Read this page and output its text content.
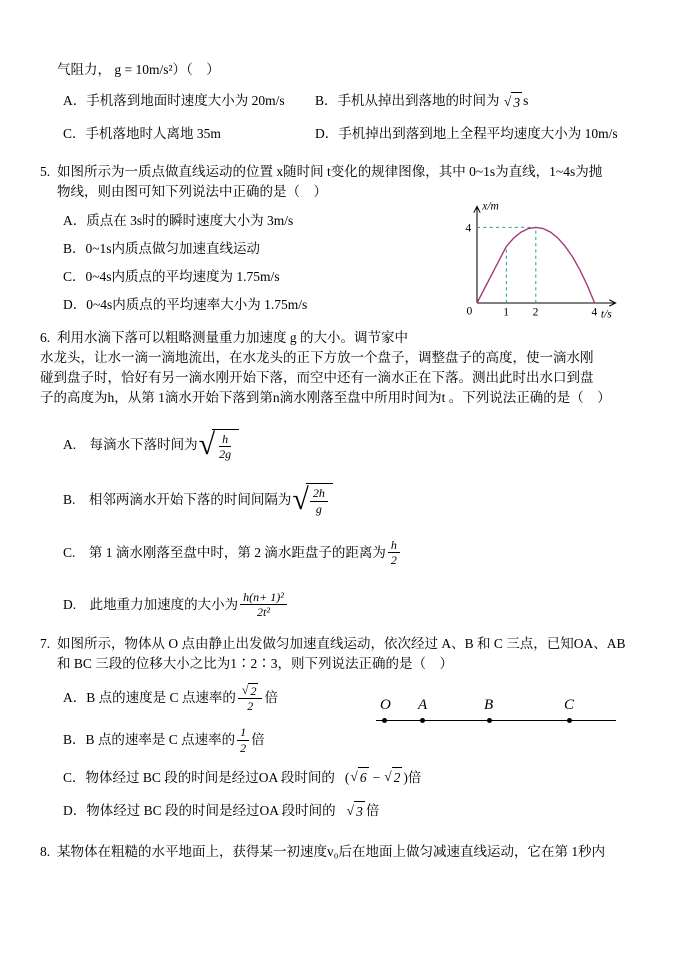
气阻力， g = 10m/s²）（　）
A．手机落到地面时速度大小为 20m/s	B．手机从掉出到落地的时间为 √ 3 s
C．手机落地时人离地 35m	D．手机掉出到落到地上全程平均速度大小为 10m/s
5. 如图所示为一质点做直线运动的位置 x随时间 t变化的规律图像，其中 0~1s为直线，1~4s为抛
物线，则由图可知下列说法中正确的是（　）
A．质点在 3s时的瞬时速度大小为 3m/s
B．0~1s内质点做匀加速直线运动
C．0~4s内质点的平均速度为 1.75m/s
D．0~4s内质点的平均速率大小为 1.75m/s
x/m
t/s
4
0	1 2	4
6. 利用水滴下落可以粗略测量重力加速度 g 的大小。调节家中
水龙头，让水一滴一滴地流出，在水龙头的正下方放一个盘子，调整盘子的高度，使一滴水刚
碰到盘子时，恰好有另一滴水刚开始下落，而空中还有一滴水正在下落。测出此时出水口到盘
子的高度为h，从第 1滴水开始下落到第n滴水刚落至盘中所用时间为t 。下列说法正确的是（　）
A.　每滴水下落时间为 √ $\frac{h}{2g}$
B.　相邻两滴水开始下落的时间间隔为 √ $\frac{2h}{g}$
C.　第 1 滴水刚落至盘中时，第 2 滴水距盘子的距离为 $\frac{h}{2}$
D.　此地重力加速度的大小为 $\frac{\text{h(n+ 1)²}}{\text{2t²}}$
7. 如图所示，物体从 O 点由静止出发做匀加速直线运动，依次经过 A、B 和 C 三点，已知OA、AB
和 BC 三段的位移大小之比为1∶2∶3，则下列说法正确的是（　）
A．B 点的速度是 C 点速率的 $\frac{√ 2}{2}$ 倍
B．B 点的速率是 C 点速率的 $\frac{1}{2}$ 倍
C．物体经过 BC 段的时间是经过OA 段时间的 ( √ 6 − √ 2 ) 倍
D．物体经过 BC 段的时间是经过OA 段时间的 √ 3 倍
O A	B	C
8. 某物体在粗糙的水平地面上，获得某一初速度v₀后在地面上做匀减速直线运动，它在第 1秒内
